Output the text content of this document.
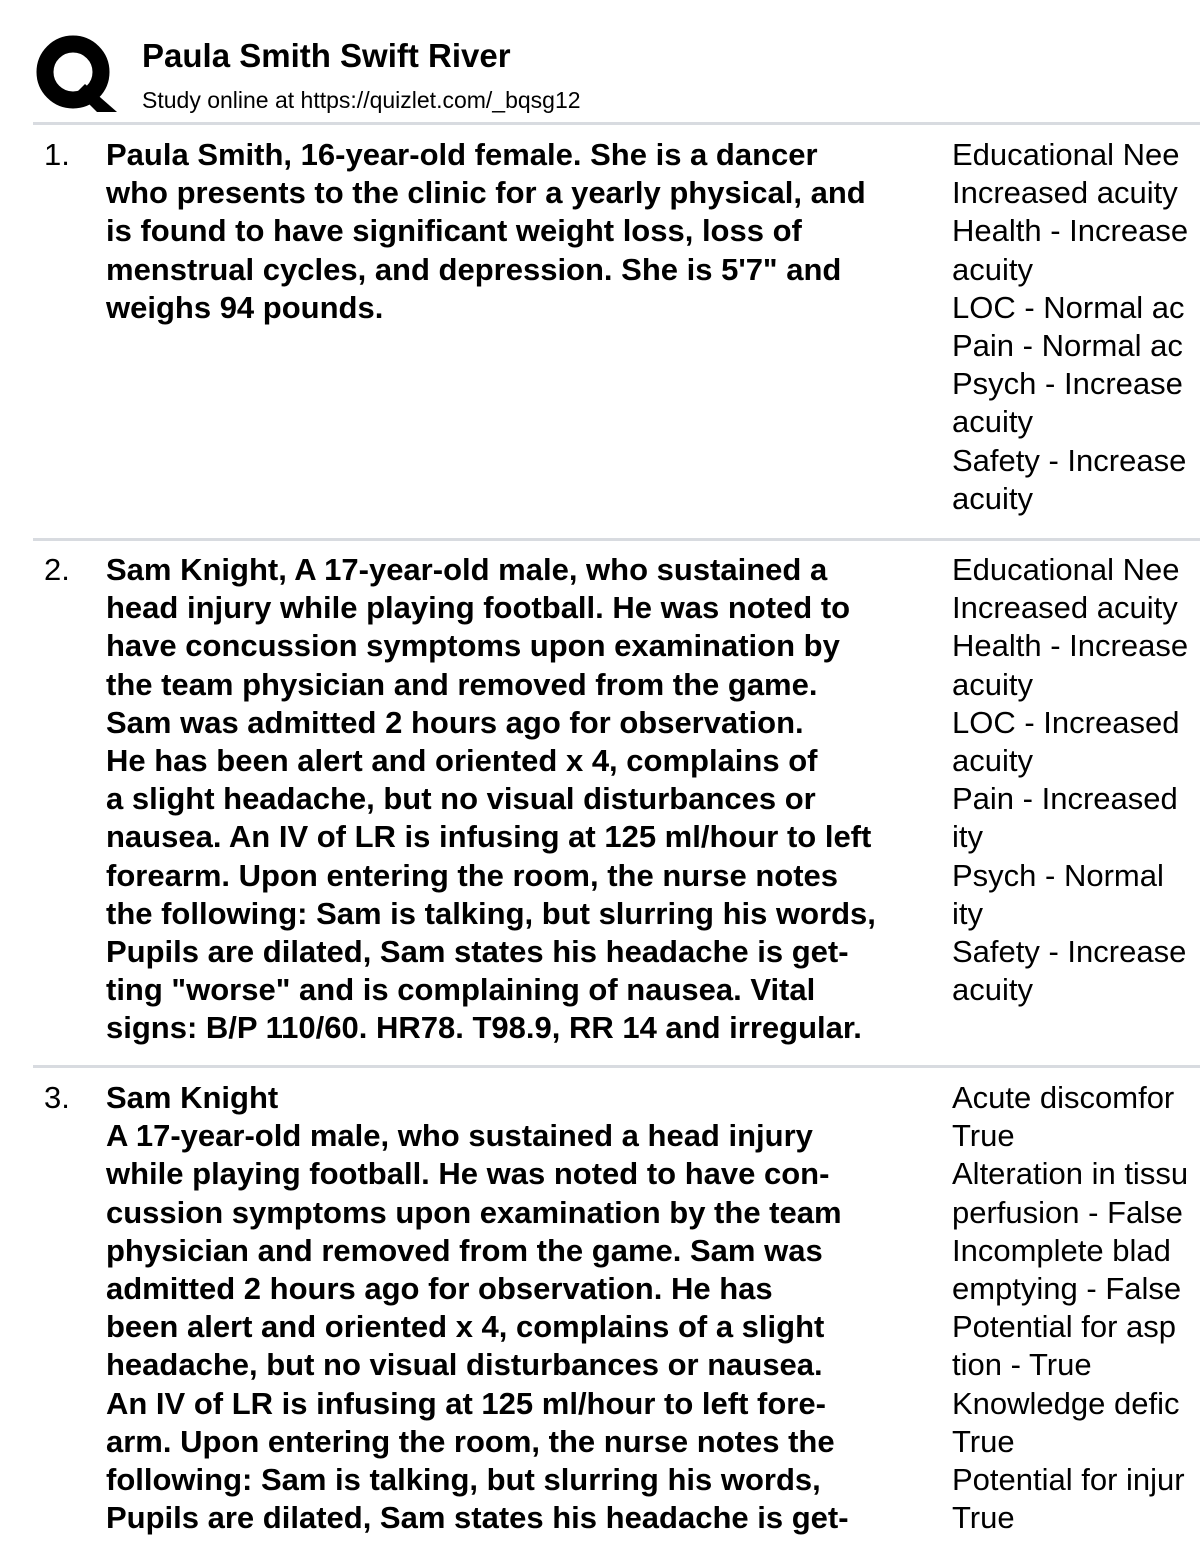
Paula Smith Swift River
Study online at https://quizlet.com/_bqsg12
1. Paula Smith, 16-year-old female. She is a dancer
who presents to the clinic for a yearly physical, and
is found to have significant weight loss, loss of
menstrual cycles, and depression. She is 5'7" and
weighs 94 pounds.
Educational Nee
Increased acuity
Health - Increase
acuity
LOC - Normal ac
Pain - Normal ac
Psych - Increase
acuity
Safety - Increase
acuity
2. Sam Knight, A 17-year-old male, who sustained a
head injury while playing football. He was noted to
have concussion symptoms upon examination by
the team physician and removed from the game.
Sam was admitted 2 hours ago for observation.
He has been alert and oriented x 4, complains of
a slight headache, but no visual disturbances or
nausea. An IV of LR is infusing at 125 ml/hour to left
forearm. Upon entering the room, the nurse notes
the following: Sam is talking, but slurring his words,
Pupils are dilated, Sam states his headache is get-
ting "worse" and is complaining of nausea. Vital
signs: B/P 110/60. HR78. T98.9, RR 14 and irregular.
Educational Nee
Increased acuity
Health - Increase
acuity
LOC - Increased
acuity
Pain - Increased
ity
Psych - Normal
ity
Safety - Increase
acuity
3. Sam Knight
A 17-year-old male, who sustained a head injury
while playing football. He was noted to have con-
cussion symptoms upon examination by the team
physician and removed from the game. Sam was
admitted 2 hours ago for observation. He has
been alert and oriented x 4, complains of a slight
headache, but no visual disturbances or nausea.
An IV of LR is infusing at 125 ml/hour to left fore-
arm. Upon entering the room, the nurse notes the
following: Sam is talking, but slurring his words,
Pupils are dilated, Sam states his headache is get-
Acute discomfor
True
Alteration in tissu
perfusion - False
Incomplete blad
emptying - False
Potential for asp
tion - True
Knowledge defic
True
Potential for injur
True
